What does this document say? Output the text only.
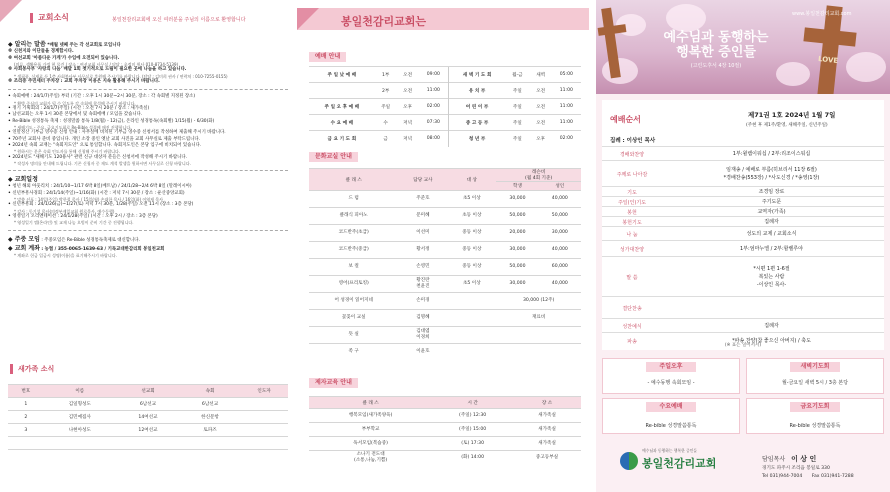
교회소식	봉일천감리교회에 오신 여러분을 주님의 이름으로 환영합니다
◆ 알리는 말씀 *매월 넷째 주는 각 선교회로 모입니다
※ 신천지와 이단들을 경계합시다.
※ 여선교회 '아름다운 가게'가 수입에 오전되어 있습니다.
(의류, 생활용품 가정 현 물건 / 장소 : 여선교회 사무실 / 담당 : 초정미 원사 010-8734-5139)
※ 사회봉사부 '사랑의 나눔' 매달 1회 첫기적으로 드림이 필요한 곳에 나눔을 하고 있습니다.
* 생필품, 식재료 등 1층 사회봉사부 사무실로 후원해 주시기를 바랍니다. (담당 : 김미희 권사 / 연락처 : 010-7255-0155)
※ 조리중 주민세터 주차장 : 교회 주차장 이용은 지속 활용해 주시기 바랍니다.
• 속회예배 : 24/1/7(주일) 부터 (기간 : 오후 1시 30분~2시 30분, 장소 : 각 속회별 지정된 장소)
* 확방 중심의 교회가 될 수 있도록 각 속회에 참석해 주시기 바랍니다.
• 정기 기획회의 : 24/1/7(주일) (시간 : 오전 7시 20분 / 장소 : 새가족실)
• 남선교회는 오후 1시 30분 본당에서 및 속회에배 / 모임을 갖습니다.
• Re-Bible 성경통독 축제 : 성경말씀 통독 1/8(월) - 12(금), 온라인 성경통독(속회별) 1/15(월) - 6/30(화)
* 새해기도 - 주요, 금요기도회로 Re-Bible 성경에 매진 진행합니다.
• 연말정산 기부금 영수증 신청 안내 : 사무실에 비치된 기부금 영수증 신청서를 작성하여 제출해 주시기 바랍니다.
• 70주년 교회사 준비 중입니다. 개인 소장 중인 옛날 교회 사진을 교회 사무실로 제출 부탁드립니다.
• 2024년 속회 교재는 "속회지도인" 으로 통일합니다. 속회지도인은 본당 입구에 비치되어 있습니다.
* 원하시는 분은 속회 인도자를 통해 신청해 주시기 바랍니다.
• 2024년도 "새해기도 120용사" 관련 신규 대상자 분들은 신청서에 작성해 주시기 바랍니다.
* 작성자 명의를 안내해 드립니다. 기존 신청자 중 재도 계석 발생을 원하시면 사무실로 신청 바랍니다.
◆ 교회일정
• 청년 해외 아웃리치 : 24/1/10~1/17 6박 8일(베트남) / 24/1/28~2/4 6박 8일 (말레이시아)
• 신년부흥사경회 : 24/1/14(주일)~1/16(화) (시간 : 저녁 7시 30분 / 장소 : 운산중앙교회)
* 말씀 선포 : 14일(주일) 박한철 목사 / 15일(월) 손대한 목사 / 16일(화) 이영재 목사
• 신년부흥회 : 24/1/26(금)~1/27(토) 저녁 7시 30분, 1/28(주일) 오전 11시 (장소 : 3층 본당)
* 강사 : 동기성 목사(의정부제일교회 원로목사, 예수동행)
• 영성일기 오리엔테이션 : 24/1/28(주일) (시간 : 오후 2시 / 장소 : 3층 본당)
* 영성일기 앱(온라인) 및 교재 나눔 오빔이 준비 기간 중 진행됩니다.
◆ 주중 모임 : 주중모임은 Re-Bible 성경통독축제로 대신합니다.
◆ 교회 계좌 : 농협 / 355-0065-1639-63 / 기독교대한감리회 봉일천교회
* 계좌로 헌금 입금시 성명(이름)을 표기해주시기 바랍니다.
새가족 소식
번호	이름	선교회	속회	인도자
1	김일형성도	6남선교	6남선교	
2	김민예집사	14여선교	한신문항	
3	나현아성도	12여선교	토파즈	

봉일천감리교회는
예배 안내
주 일 낮 예 배	1부	오전	09:00	새 벽 기 도 회	월-금	새벽	05:00
	2부	오전	11:00	유 치 부	주일	오전	11:00
주 일 오 후 예 배	주일	오후	02:00	어 린 이 부	주일	오전	11:00
수 요 예 배	수	저녁	07:30	중 고 등 부	주일	오전	11:00
금 요 기 도 회	금	저녁	08:00	청 년 부	주일	오후	02:00
문화교실 안내
클 래 스	담당 교사	대 상	레슨비
(월 4회 기준)	
			학생	성인
드 럼	주준호	초5 이상	30,000	40,000
클래식 피아노	문미혜	초등 이상	50,000	50,000
코드반주(초급)	이선미	중등 이상	20,000	30,000
코드반주(중급)	황서정	중등 이상	30,000	40,000
보 컬	손영민	중등 이상	50,000	60,000
영어(프리토킹)	황진란
천윤진	초5 이상	30,000	40,000
어 성경이 읽어지네	손미경		30,000 (12주)	
꽃꽂이 교실	김명혜		재료비	
뜻 실	김대엽
이경희			
족 구	이윤호			
제자교육 안내
클 래 스	시 간	장 소
행복모임(새가족양육)	(주일) 12:30	새가족실
부부학교	(주일) 15:00	새가족실
독서모임(복습중)	(토) 17:30	새가족실
소나기 전도대
(소통,나눔,기쁨)	(화) 14:00	중고등부실
LOVE
www.봉일천감리교회.com
예수님과 동행하는
행복한 증인들
(고린도후서 4장 10절)
예배순서	제71권 1호 2024년 1월 7일
(주현 후 제1주/환영, 새해주일, 신년주일)
집례 : 이상인 목사
경배와찬양	1부:윌렘이워십 / 2부:리조이스워십
주께로 나아감
임재송 / 예배로 부름(히브리서 11장 6절)
*경배찬송(553장) / *사도신경 / *송영(1장)
기도	조경임 장로
주일(인)기도	주기도문
봉헌	교역자(가족)
봉헌기도	집례자
나 눔	성도의 교제 / 교회소식
성가대찬양	1부:엄마누엘 / 2부:할렐루야
말 씀
*시편 1편 1-6절
복있는 사람
-이상인 목사-
결단찬송
성찬예식	집례자
파송	*파송 찬양(참 좋으신 아버지) / 축도
(※ 표는 일어서서)
주일오후
- 예수동행 속회모임 -
새벽기도회
월-금요일 새벽 5시 / 3층 본당
수요예배
Re-bible 성경말씀통독
금요기도회
Re-bible 성경말씀통독
예수님과 동행하는 행복한 증인들
봉일천감리교회	담임목사 이 상 인
경기도 파주시 조리읍 봉일로 330
Tel 031)944-7004 Fax 031)941-7288
